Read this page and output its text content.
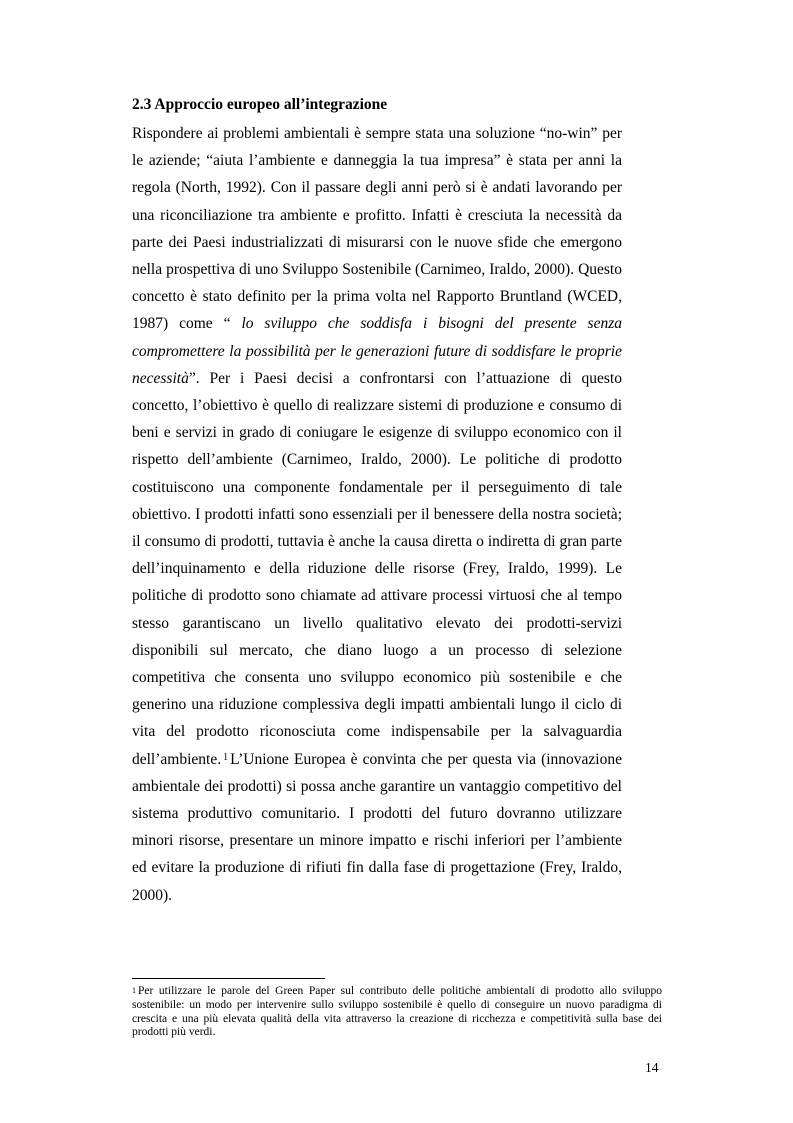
2.3 Approccio europeo all’integrazione

Rispondere ai problemi ambientali è sempre stata una soluzione “no-win” per le aziende; “aiuta l’ambiente e danneggia la tua impresa” è stata per anni la regola (North, 1992). Con il passare degli anni però si è andati lavorando per una riconciliazione tra ambiente e profitto. Infatti è cresciuta la necessità da parte dei Paesi industrializzati di misurarsi con le nuove sfide che emergono nella prospettiva di uno Sviluppo Sostenibile (Carnimeo, Iraldo, 2000). Questo concetto è stato definito per la prima volta nel Rapporto Bruntland (WCED, 1987) come “ lo sviluppo che soddisfa i bisogni del presente senza compromettere la possibilità per le generazioni future di soddisfare le proprie necessità”. Per i Paesi decisi a confrontarsi con l’attuazione di questo concetto, l’obiettivo è quello di realizzare sistemi di produzione e consumo di beni e servizi in grado di coniugare le esigenze di sviluppo economico con il rispetto dell’ambiente (Carnimeo, Iraldo, 2000). Le politiche di prodotto costituiscono una componente fondamentale per il perseguimento di tale obiettivo. I prodotti infatti sono essenziali per il benessere della nostra società; il consumo di prodotti, tuttavia è anche la causa diretta o indiretta di gran parte dell’inquinamento e della riduzione delle risorse (Frey, Iraldo, 1999). Le politiche di prodotto sono chiamate ad attivare processi virtuosi che al tempo stesso garantiscano un livello qualitativo elevato dei prodotti-servizi disponibili sul mercato, che diano luogo a un processo di selezione competitiva che consenta uno sviluppo economico più sostenibile e che generino una riduzione complessiva degli impatti ambientali lungo il ciclo di vita del prodotto riconosciuta come indispensabile per la salvaguardia dell’ambiente. $^1$ L’Unione Europea è convinta che per questa via (innovazione ambientale dei prodotti) si possa anche garantire un vantaggio competitivo del sistema produttivo comunitario. I prodotti del futuro dovranno utilizzare minori risorse, presentare un minore impatto e rischi inferiori per l’ambiente ed evitare la produzione di rifiuti fin dalla fase di progettazione (Frey, Iraldo, 2000).

$^1$ Per utilizzare le parole del Green Paper sul contributo delle politiche ambientali di prodotto allo sviluppo sostenibile: un modo per intervenire sullo sviluppo sostenibile è quello di conseguire un nuovo paradigma di crescita e una più elevata qualità della vita attraverso la creazione di ricchezza e competitività sulla base dei prodotti più verdi.

14
